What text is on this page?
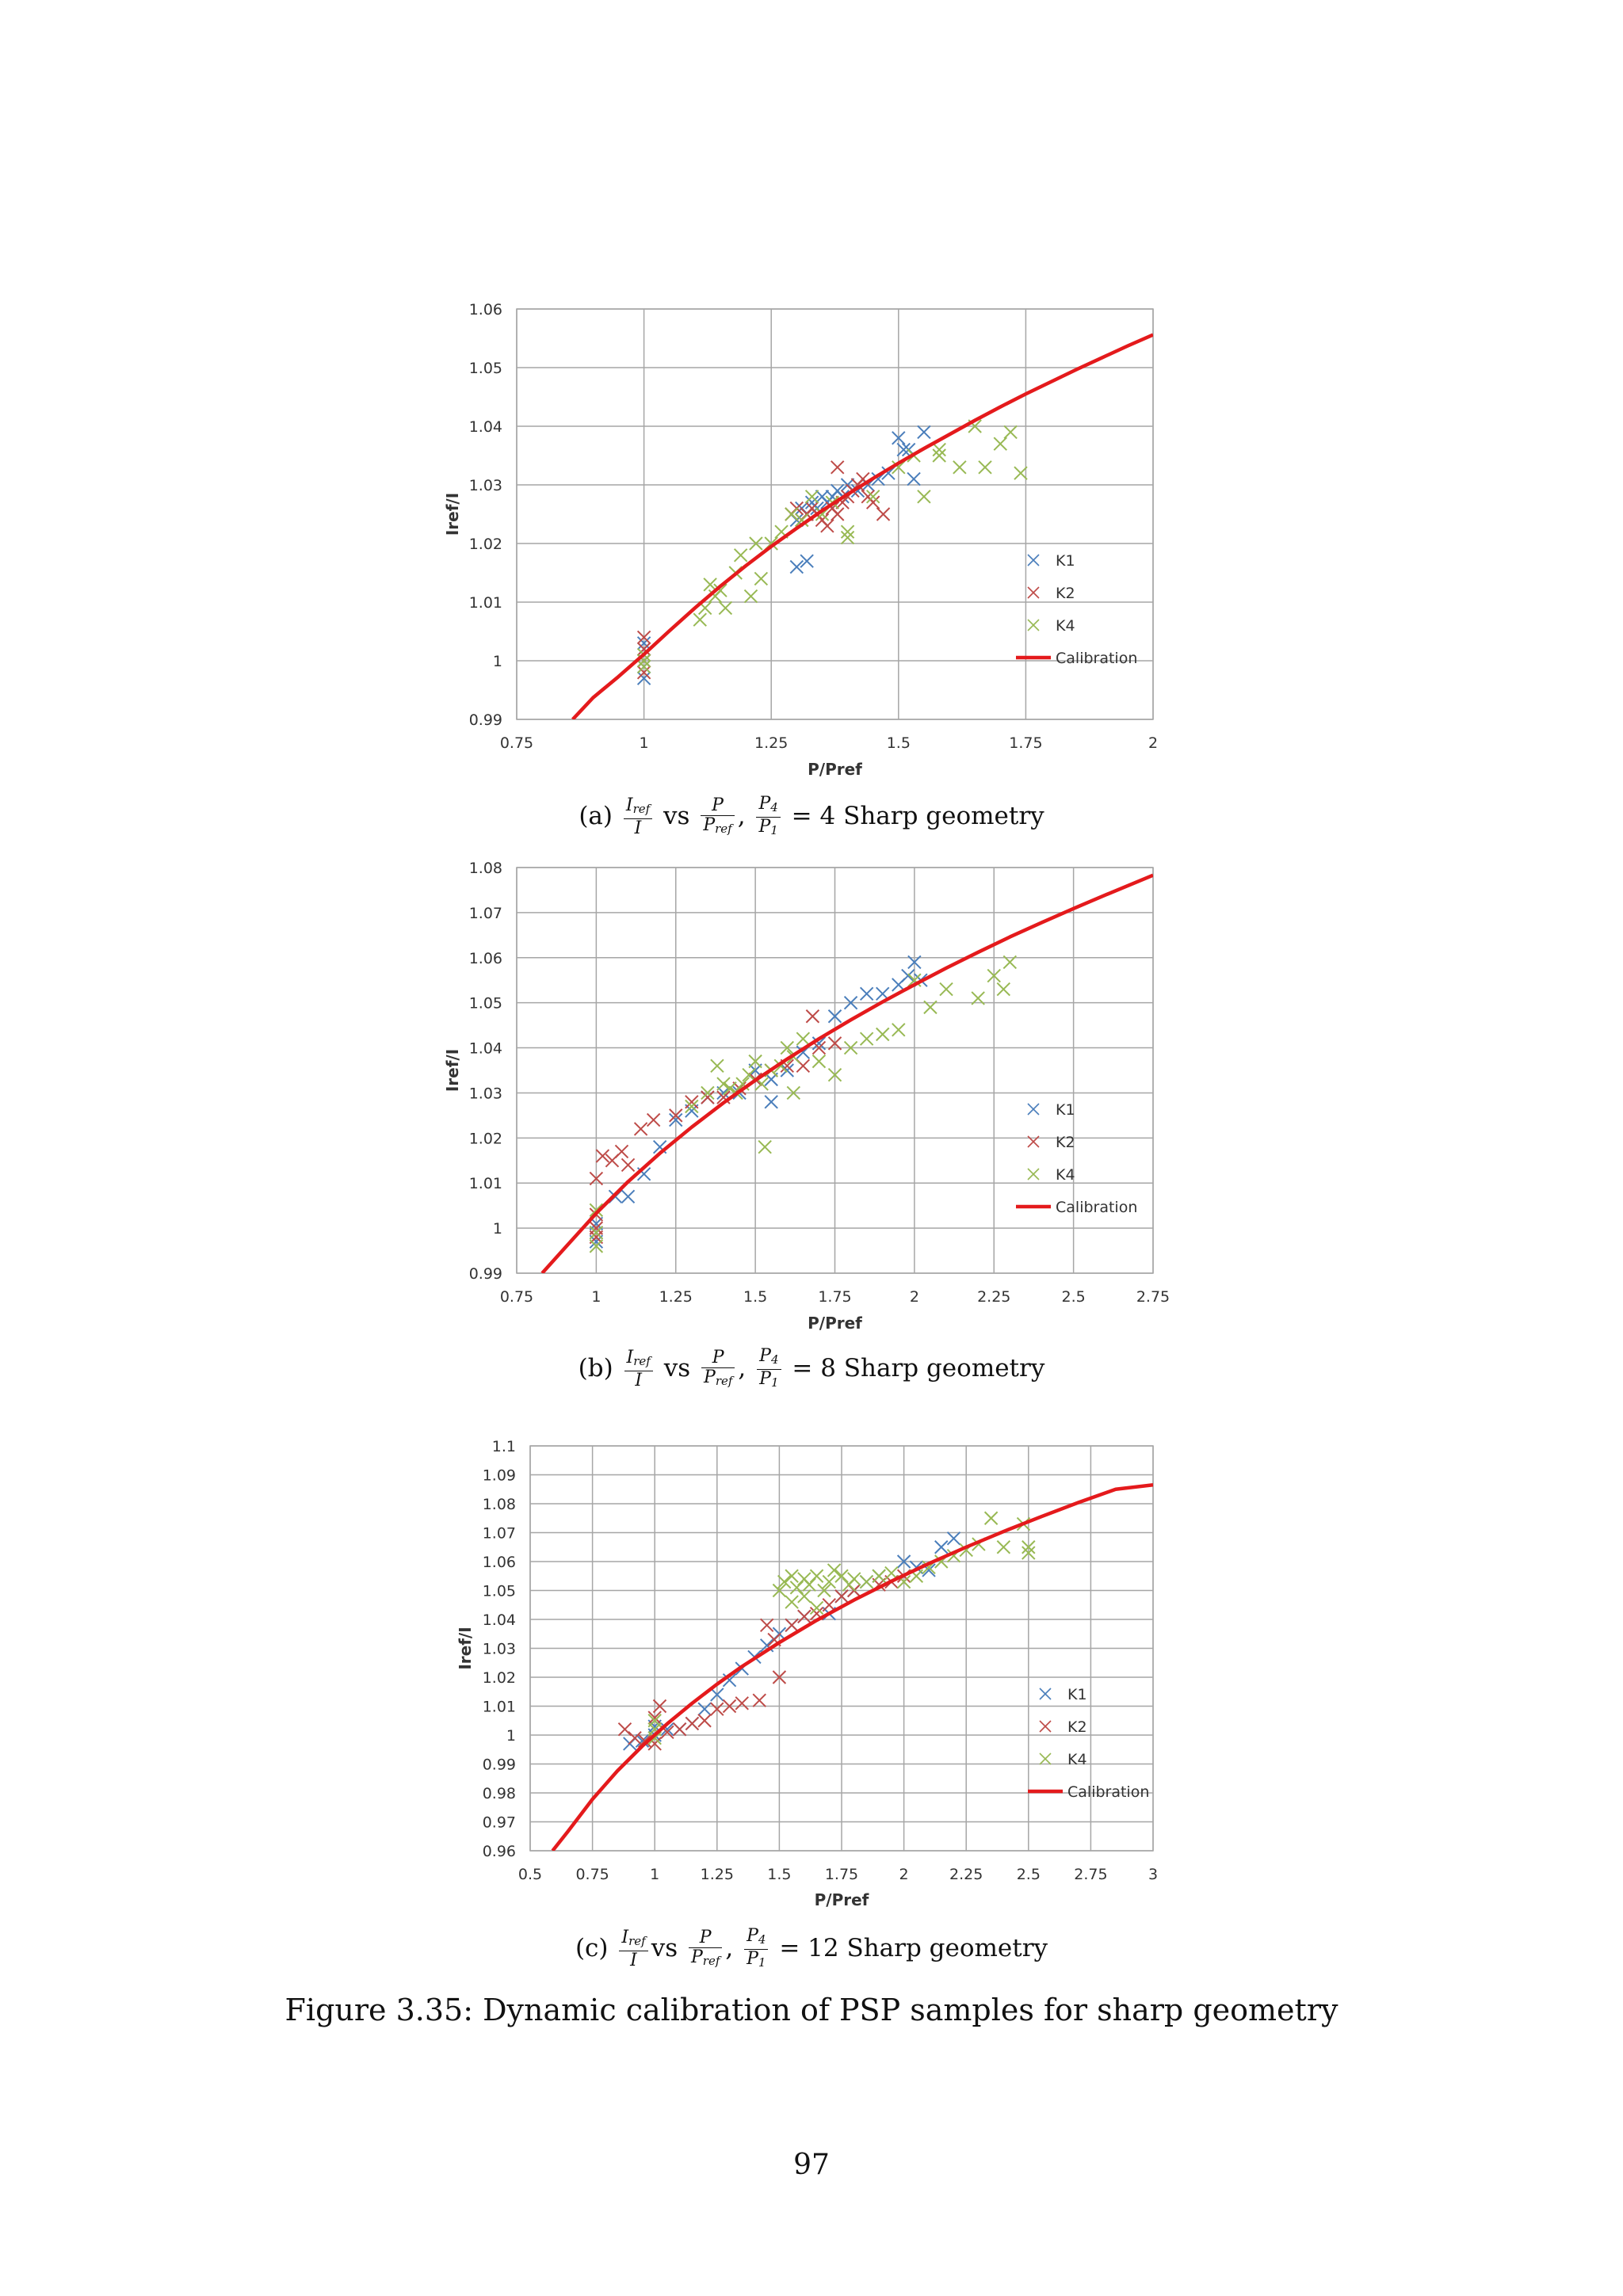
0.99
1
1.01
1.02
1.03
1.04
1.05
1.06
0.75	1	1.25	1.5	1.75	2
P/Pref
Iref/I
K1
K2
K4
Calibration
0.99
1
1.01
1.02
1.03
1.04
1.05
1.06
1.07
1.08
0.75	1	1.25	1.5	1.75	2	2.25	2.5	2.75
P/Pref
Iref/I
K1
K2
K4
Calibration
0.96
0.97
0.98
0.99
1
1.01
1.02
1.03
1.04
1.05
1.06
1.07
1.08
1.09
1.1
0.5 0.75	1	1.25 1.5 1.75	2	2.25 2.5 2.75	3
P/Pref
Iref/I
K1
K2
K4
Calibration
$(a) \frac{I_{ref}}{I}$ vs $\frac{P}{P_{ref}}$ , $\frac{P_4}{P_1} = 4$ Sharp geometry
$(b) \frac{I_{ref}}{I}$ vs $\frac{P}{P_{ref}}$ , $\frac{P_4}{P_1} = 8$ Sharp geometry
$(c) \frac{I_{ref}}{I}$ vs $\frac{P}{P_{ref}}$ , $\frac{P_4}{P_1} = 12$ Sharp geometry
Figure 3.35: Dynamic calibration of PSP samples for sharp geometry
97
